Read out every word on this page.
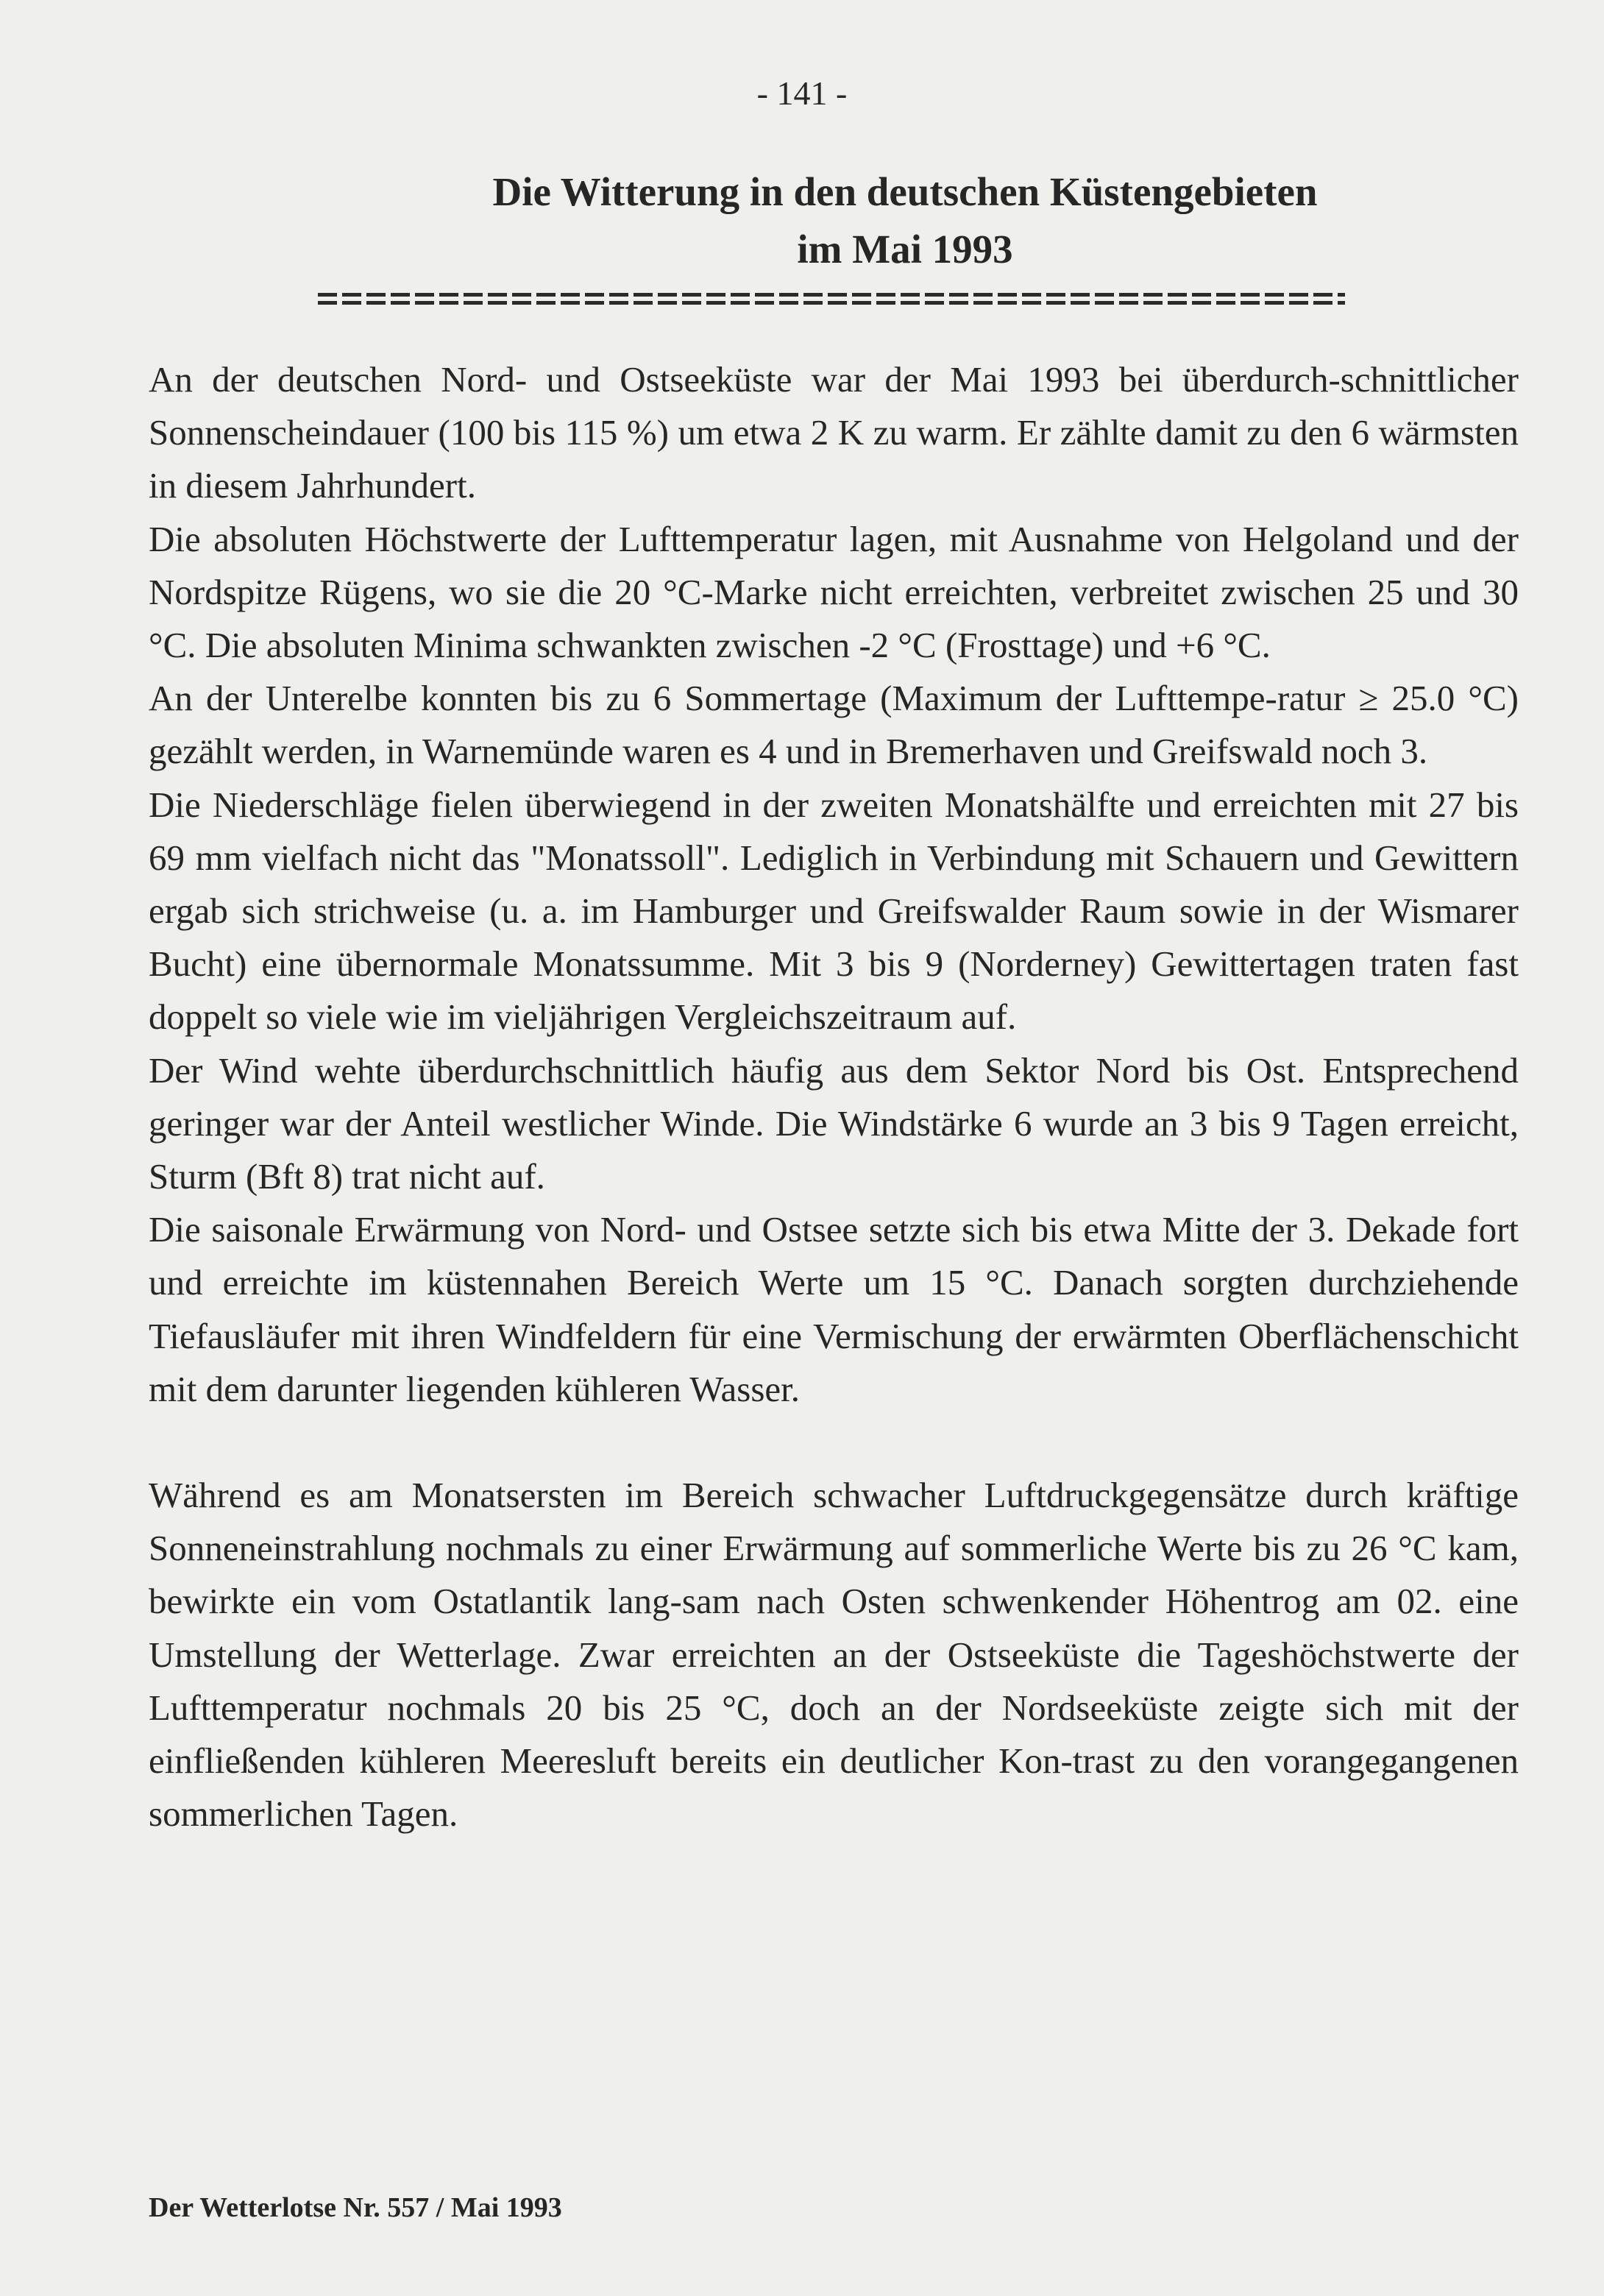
- 141 -
Die Witterung in den deutschen Küstengebieten
im Mai 1993

An der deutschen Nord- und Ostseeküste war der Mai 1993 bei überdurch-schnittlicher Sonnenscheindauer (100 bis 115 %) um etwa 2 K zu warm. Er zählte damit zu den 6 wärmsten in diesem Jahrhundert.

Die absoluten Höchstwerte der Lufttemperatur lagen, mit Ausnahme von Helgoland und der Nordspitze Rügens, wo sie die 20 °C-Marke nicht erreichten, verbreitet zwischen 25 und 30 °C. Die absoluten Minima schwankten zwischen -2 °C (Frosttage) und +6 °C.

An der Unterelbe konnten bis zu 6 Sommertage (Maximum der Lufttempe-ratur ≥ 25.0 °C) gezählt werden, in Warnemünde waren es 4 und in Bremerhaven und Greifswald noch 3.

Die Niederschläge fielen überwiegend in der zweiten Monatshälfte und erreichten mit 27 bis 69 mm vielfach nicht das "Monatssoll". Lediglich in Verbindung mit Schauern und Gewittern ergab sich strichweise (u. a. im Hamburger und Greifswalder Raum sowie in der Wismarer Bucht) eine übernormale Monatssumme. Mit 3 bis 9 (Norderney) Gewittertagen traten fast doppelt so viele wie im vieljährigen Vergleichszeitraum auf.

Der Wind wehte überdurchschnittlich häufig aus dem Sektor Nord bis Ost. Entsprechend geringer war der Anteil westlicher Winde. Die Windstärke 6 wurde an 3 bis 9 Tagen erreicht, Sturm (Bft 8) trat nicht auf.

Die saisonale Erwärmung von Nord- und Ostsee setzte sich bis etwa Mitte der 3. Dekade fort und erreichte im küstennahen Bereich Werte um 15 °C. Danach sorgten durchziehende Tiefausläufer mit ihren Windfeldern für eine Vermischung der erwärmten Oberflächenschicht mit dem darunter liegenden kühleren Wasser.

Während es am Monatsersten im Bereich schwacher Luftdruckgegensätze durch kräftige Sonneneinstrahlung nochmals zu einer Erwärmung auf sommerliche Werte bis zu 26 °C kam, bewirkte ein vom Ostatlantik lang-sam nach Osten schwenkender Höhentrog am 02. eine Umstellung der Wetterlage. Zwar erreichten an der Ostseeküste die Tageshöchstwerte der Lufttemperatur nochmals 20 bis 25 °C, doch an der Nordseeküste zeigte sich mit der einfließenden kühleren Meeresluft bereits ein deutlicher Kon-trast zu den vorangegangenen sommerlichen Tagen.

Der Wetterlotse Nr. 557 / Mai 1993
